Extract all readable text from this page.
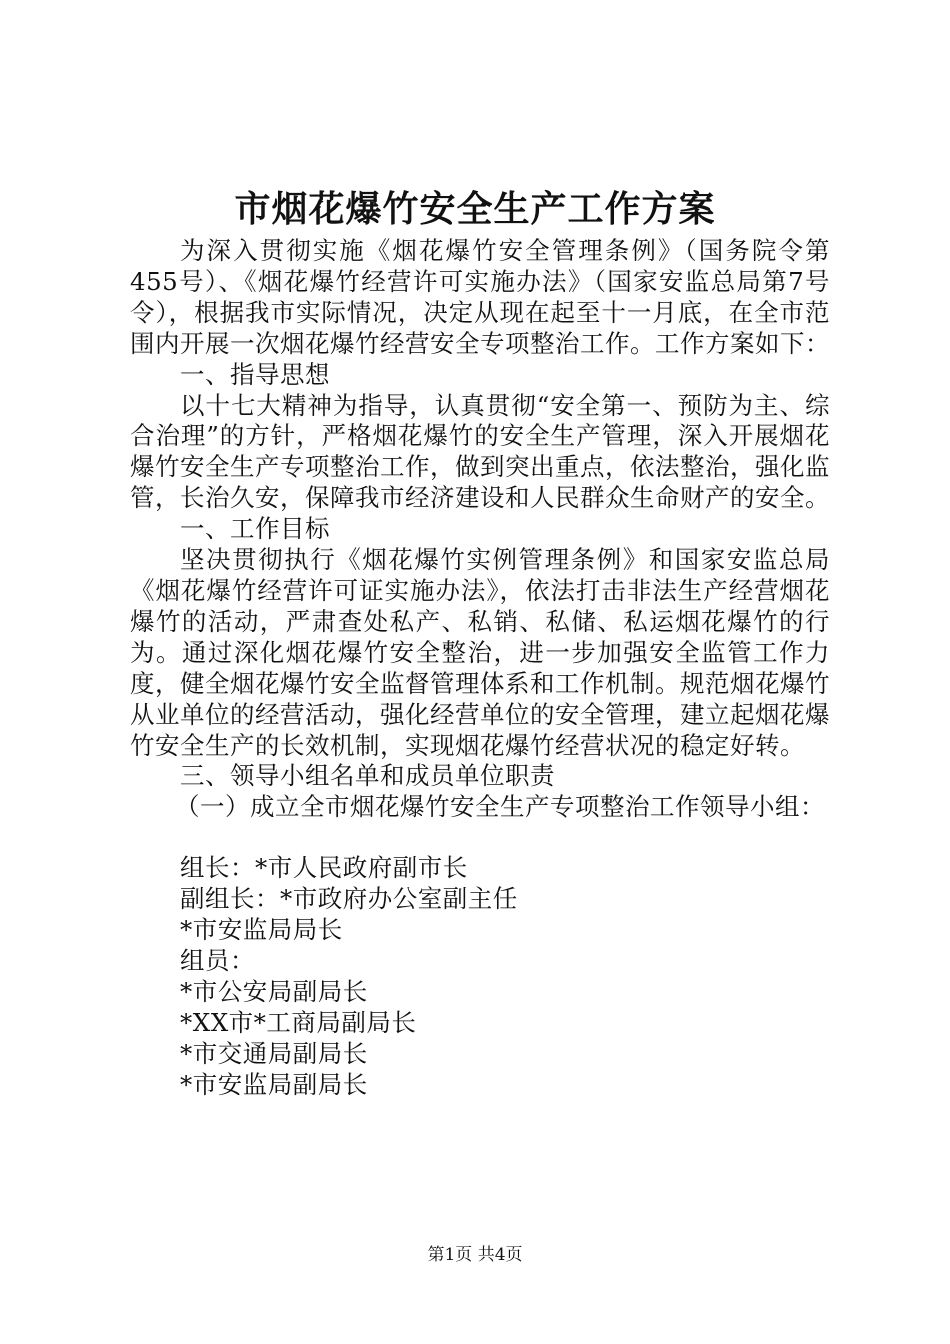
市烟花爆竹安全生产工作方案

为深入贯彻实施《烟花爆竹安全管理条例》（国务院令第455号）、《烟花爆竹经营许可实施办法》（国家安监总局第7号令），根据我市实际情况，决定从现在起至十一月底，在全市范围内开展一次烟花爆竹经营安全专项整治工作。工作方案如下：

一、指导思想

以十七大精神为指导，认真贯彻“安全第一、预防为主、综合治理”的方针，严格烟花爆竹的安全生产管理，深入开展烟花爆竹安全生产专项整治工作，做到突出重点，依法整治，强化监管，长治久安，保障我市经济建设和人民群众生命财产的安全。

一、工作目标

坚决贯彻执行《烟花爆竹实例管理条例》和国家安监总局《烟花爆竹经营许可证实施办法》，依法打击非法生产经营烟花爆竹的活动，严肃查处私产、私销、私储、私运烟花爆竹的行为。通过深化烟花爆竹安全整治，进一步加强安全监管工作力度，健全烟花爆竹安全监督管理体系和工作机制。规范烟花爆竹从业单位的经营活动，强化经营单位的安全管理，建立起烟花爆竹安全生产的长效机制，实现烟花爆竹经营状况的稳定好转。

三、领导小组名单和成员单位职责

（一）成立全市烟花爆竹安全生产专项整治工作领导小组：

组长：*市人民政府副市长

副组长：*市政府办公室副主任

*市安监局局长

组员：

*市公安局副局长

*XX市*工商局副局长

*市交通局副局长

*市安监局副局长

第1页 共4页
